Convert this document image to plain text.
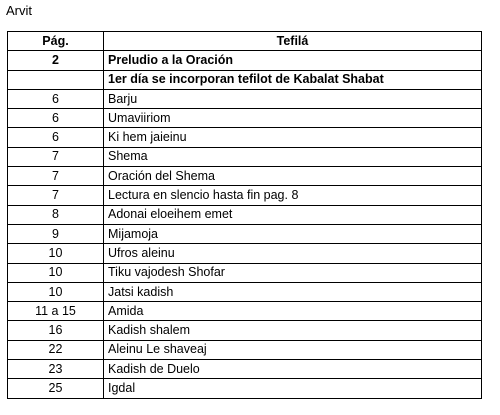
Arvit
Pág.	Tefilá
2	Preludio a la Oración
	1er día se incorporan tefilot de Kabalat Shabat
6	Barju
6	Umaviiriom
6	Ki hem jaieinu
7	Shema
7	Oración del Shema
7	Lectura en slencio hasta fin pag. 8
8	Adonai eloeihem emet
9	Mijamoja
10	Ufros aleinu
10	Tiku vajodesh Shofar
10	Jatsi kadish
11 a 15	Amida
16	Kadish shalem
22	Aleinu Le shaveaj
23	Kadish de Duelo
25	Igdal
